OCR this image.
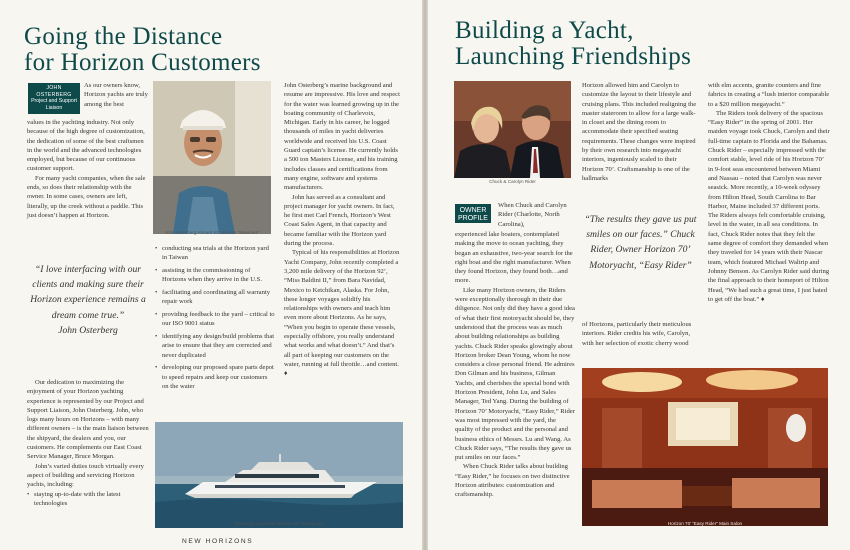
Going the Distance
for Horizon Customers
JOHN OSTERBERG
Project and Support Liaison

As our owners know, Horizon yachts are truly among the best

values in the yachting industry. Not only because of the high degree of customization, the dedication of some of the best craftsmen in the world and the advanced technologies employed, but because of our continuous customer support.

For many yacht companies, when the sale ends, so does their relationship with the owner. In some cases, owners are left, literally, up the creek without a paddle. This just doesn’t happen at Horizon.

“I love interfacing with our clients and making sure their Horizon experience remains a dream come true.”
John Osterberg

Our dedication to maximizing the enjoyment of your Horizon yachting experience is represented by our Project and Support Liaison, John Osterberg. John, who logs many hours on Horizons – with many different owners – is the main liaison between the shipyard, the dealers and you, our customers. He complements our East Coast Service Manager, Bruce Morgan.

John’s varied duties touch virtually every aspect of building and servicing Horizon yachts, including:

• staying up-to-date with the latest technologies
John Osterberg Aboard 92’ Horizon “Maximus”
• conducting sea trials at the Horizon yard in Taiwan
• assisting in the commissioning of Horizons when they arrive in the U.S.
• facilitating and coordinating all warranty repair work
• providing feedback to the yard – critical to our ISO 9001 status
• identifying any design/build problems that arise to ensure that they are corrected and never duplicated
• developing our proposed spare parts depot to speed repairs and keep our customers on the water

John Osterberg’s marine background and resume are impressive. His love and respect for the water was learned growing up in the boating community of Charlevoix, Michigan. Early in his career, he logged thousands of miles in yacht deliveries worldwide and received his U.S. Coast Guard captain’s license. He currently holds a 500 ton Masters License, and his training includes classes and certifications from many engine, software and systems manufacturers.

John has served as a consultant and project manager for yacht owners. In fact, he first met Carl French, Horizon’s West Coast Sales Agent, in that capacity and became familiar with the Horizon yard during the process.

Typical of his responsibilities at Horizon Yacht Company, John recently completed a 3,200 mile delivery of the Horizon 92’, “Miss Baldini II,” from Bara Navidad, Mexico to Ketchikan, Alaska. For John, these longer voyages solidify his relationships with owners and teach him even more about Horizons. As he says, “When you begin to operate these vessels, especially offshore, you really understand what works and what doesn’t.” And that’s all part of keeping our customers on the water, running at full throttle…and content. ♦

Recently Launched Horizon 62’ Motoryacht
NEW HORIZONS
Building a Yacht,
Launching Friendships
Chuck & Carolyn Rider
OWNER
PROFILE

When Chuck and Carolyn Rider (Charlotte, North Carolina),

experienced lake boaters, contemplated making the move to ocean yachting, they began an exhaustive, two-year search for the right boat and the right manufacturer. When they found Horizon, they found both…and more.

Like many Horizon owners, the Riders were exceptionally thorough in their due diligence. Not only did they have a good idea of what their first motoryacht should be, they understood that the process was as much about building relationships as building yachts. Chuck Rider speaks glowingly about Horizon broker Dean Young, whom he now considers a close personal friend. He admires Don Gilman and his business, Gilman Yachts, and cherishes the special bond with Horizon President, John Lu, and Sales Manager, Ted Yang. During the building of Horizon 70’ Motoryacht, “Easy Rider,” Rider was most impressed with the yard, the quality of the product and the personal and business ethics of Messrs. Lu and Wang. As Chuck Rider says, “The results they gave us put smiles on our faces.”

When Chuck Rider talks about building “Easy Rider,” he focuses on two distinctive Horizon attributes: customization and craftsmanship.

Horizon allowed him and Carolyn to customize the layout to their lifestyle and cruising plans. This included realigning the master stateroom to allow for a large walk-in closet and the dining room to accommodate their specified seating requirements. These changes were inspired by their own research into megayacht interiors, ingeniously scaled to their Horizon 70’. Craftsmanship is one of the hallmarks

“The results they gave us put smiles on our faces.” Chuck Rider, Owner Horizon 70’ Motoryacht, “Easy Rider”

of Horizons, particularly their meticulous interiors. Rider credits his wife, Carolyn, with her selection of exotic cherry wood

with elm accents, granite counters and fine fabrics in creating a “lush interior comparable to a $20 million megayacht.”

The Riders took delivery of the spacious “Easy Rider” in the spring of 2001. Her maiden voyage took Chuck, Carolyn and their full-time captain to Florida and the Bahamas. Chuck Rider – especially impressed with the comfort stable, level ride of his Horizon 70’ in 9-foot seas encountered between Miami and Nassau – noted that Carolyn was never seasick. More recently, a 10-week odyssey from Hilton Head, South Carolina to Bar Harbor, Maine included 37 different ports. The Riders always felt comfortable cruising, level in the water, in all sea conditions. In fact, Chuck Rider notes that they felt the same degree of comfort they demanded when they traveled for 14 years with their Nascar team, which featured Michael Waltrip and Johnny Benson. As Carolyn Rider said during the final approach to their homeport of Hilton Head, “We had such a great time, I just hated to get off the boat.” ♦

Horizon 70’ “Easy Rider” Main Salon
